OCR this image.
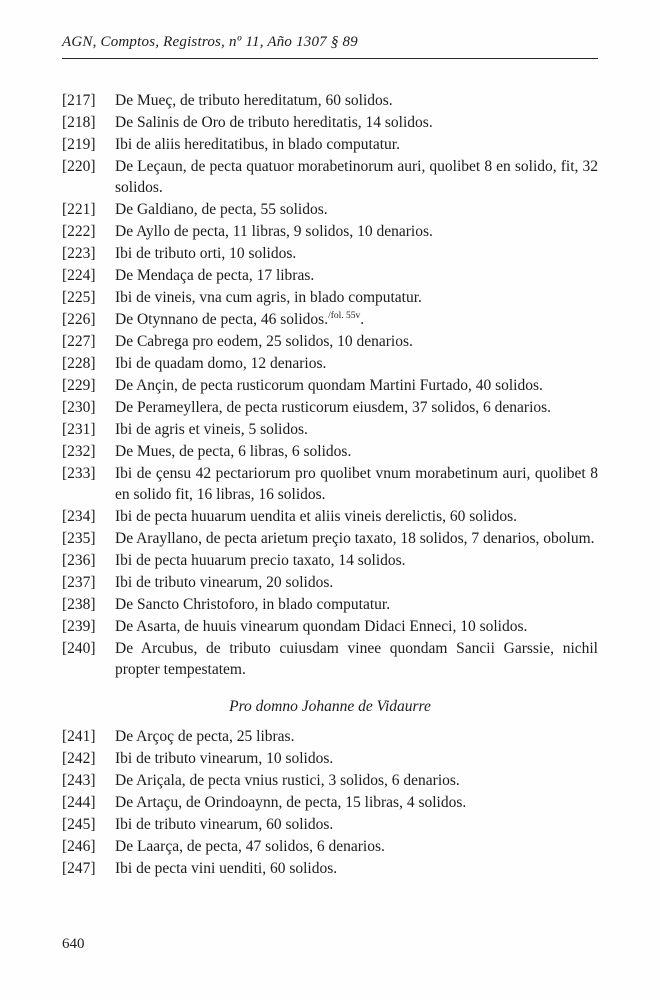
AGN, Comptos, Registros, nº 11, Año 1307 § 89
[217]	De Mueç, de tributo hereditatum, 60 solidos.
[218]	De Salinis de Oro de tributo hereditatis, 14 solidos.
[219]	Ibi de aliis hereditatibus, in blado computatur.
[220]	De Leçaun, de pecta quatuor morabetinorum auri, quolibet 8 en solido, fit, 32 solidos.
[221]	De Galdiano, de pecta, 55 solidos.
[222]	De Ayllo de pecta, 11 libras, 9 solidos, 10 denarios.
[223]	Ibi de tributo orti, 10 solidos.
[224]	De Mendaça de pecta, 17 libras.
[225]	Ibi de vineis, vna cum agris, in blado computatur.
[226]	De Otynnano de pecta, 46 solidos.$^{/fol. 55v}$.
[227]	De Cabrega pro eodem, 25 solidos, 10 denarios.
[228]	Ibi de quadam domo, 12 denarios.
[229]	De Ançin, de pecta rusticorum quondam Martini Furtado, 40 solidos.
[230]	De Perameyllera, de pecta rusticorum eiusdem, 37 solidos, 6 denarios.
[231]	Ibi de agris et vineis, 5 solidos.
[232]	De Mues, de pecta, 6 libras, 6 solidos.
[233]	Ibi de çensu 42 pectariorum pro quolibet vnum morabetinum auri, quolibet 8 en solido fit, 16 libras, 16 solidos.
[234]	Ibi de pecta huuarum uendita et aliis vineis derelictis, 60 solidos.
[235]	De Arayllano, de pecta arietum preçio taxato, 18 solidos, 7 denarios, obolum.
[236]	Ibi de pecta huuarum precio taxato, 14 solidos.
[237]	Ibi de tributo vinearum, 20 solidos.
[238]	De Sancto Christoforo, in blado computatur.
[239]	De Asarta, de huuis vinearum quondam Didaci Enneci, 10 solidos.
[240]	De Arcubus, de tributo cuiusdam vinee quondam Sancii Garssie, nichil propter tempestatem.
Pro domno Johanne de Vidaurre
[241]	De Arçoç de pecta, 25 libras.
[242]	Ibi de tributo vinearum, 10 solidos.
[243]	De Ariçala, de pecta vnius rustici, 3 solidos, 6 denarios.
[244]	De Artaçu, de Orindoaynn, de pecta, 15 libras, 4 solidos.
[245]	Ibi de tributo vinearum, 60 solidos.
[246]	De Laarça, de pecta, 47 solidos, 6 denarios.
[247]	Ibi de pecta vini uenditi, 60 solidos.
640
